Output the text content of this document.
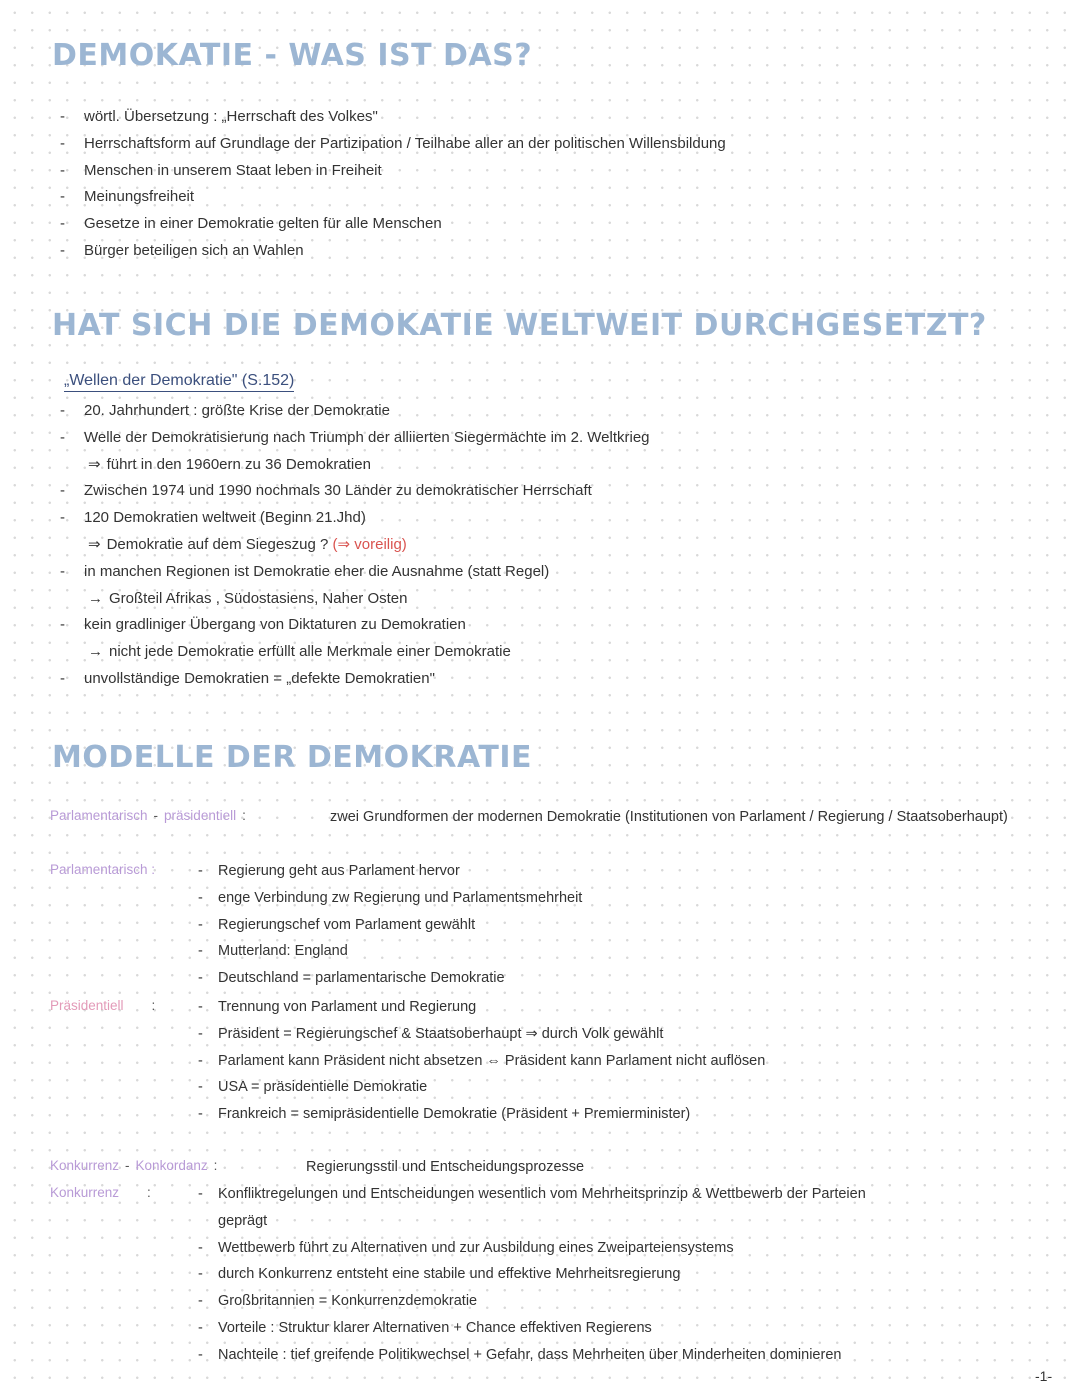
DEMOKATIE - WAS IST DAS?
- wörtl. Übersetzung : „Herrschaft des Volkes"
- Herrschaftsform auf Grundlage der Partizipation / Teilhabe aller an der politischen Willensbildung
- Menschen in unserem Staat leben in Freiheit
- Meinungsfreiheit
- Gesetze in einer Demokratie gelten für alle Menschen
- Bürger beteiligen sich an Wahlen
HAT SICH DIE DEMOKATIE WELTWEIT DURCHGESETZT?

„Wellen der Demokratie" (S.152)

- 20. Jahrhundert : größte Krise der Demokratie
- Welle der Demokratisierung nach Triumph der alliierten Siegermächte im 2. Weltkrieg
⇒ führt in den 1960ern zu 36 Demokratien
- Zwischen 1974 und 1990 nochmals 30 Länder zu demokratischer Herrschaft
- 120 Demokratien weltweit (Beginn 21.Jhd)
⇒ Demokratie auf dem Siegeszug ? (⇒ voreilig)
- in manchen Regionen ist Demokratie eher die Ausnahme (statt Regel)
→ Großteil Afrikas , Südostasiens, Naher Osten
- kein gradliniger Übergang von Diktaturen zu Demokratien
→ nicht jede Demokratie erfüllt alle Merkmale einer Demokratie
- unvollständige Demokratien = „defekte Demokratien"
MODELLE DER DEMOKRATIE
Parlamentarisch - präsidentiell :	zwei Grundformen der modernen Demokratie (Institutionen von Parlament / Regierung / Staatsoberhaupt)
Parlamentarisch :	- Regierung geht aus Parlament hervor
- enge Verbindung zw Regierung und Parlamentsmehrheit
- Regierungschef vom Parlament gewählt
- Mutterland: England
- Deutschland = parlamentarische Demokratie
Präsidentiell :	- Trennung von Parlament und Regierung
- Präsident = Regierungschef & Staatsoberhaupt ⇒ durch Volk gewählt
- Parlament kann Präsident nicht absetzen ⇔ Präsident kann Parlament nicht auflösen
- USA = präsidentielle Demokratie
- Frankreich = semipräsidentielle Demokratie (Präsident + Premierminister)
Konkurrenz - Konkordanz :	Regierungsstil und Entscheidungsprozesse
Konkurrenz :	- Konfliktregelungen und Entscheidungen wesentlich vom Mehrheitsprinzip & Wettbewerb der Parteien
geprägt
- Wettbewerb führt zu Alternativen und zur Ausbildung eines Zweiparteiensystems
- durch Konkurrenz entsteht eine stabile und effektive Mehrheitsregierung
- Großbritannien = Konkurrenzdemokratie
- Vorteile : Struktur klarer Alternativen + Chance effektiven Regierens
- Nachteile : tief greifende Politikwechsel + Gefahr, dass Mehrheiten über Minderheiten dominieren
-1-
